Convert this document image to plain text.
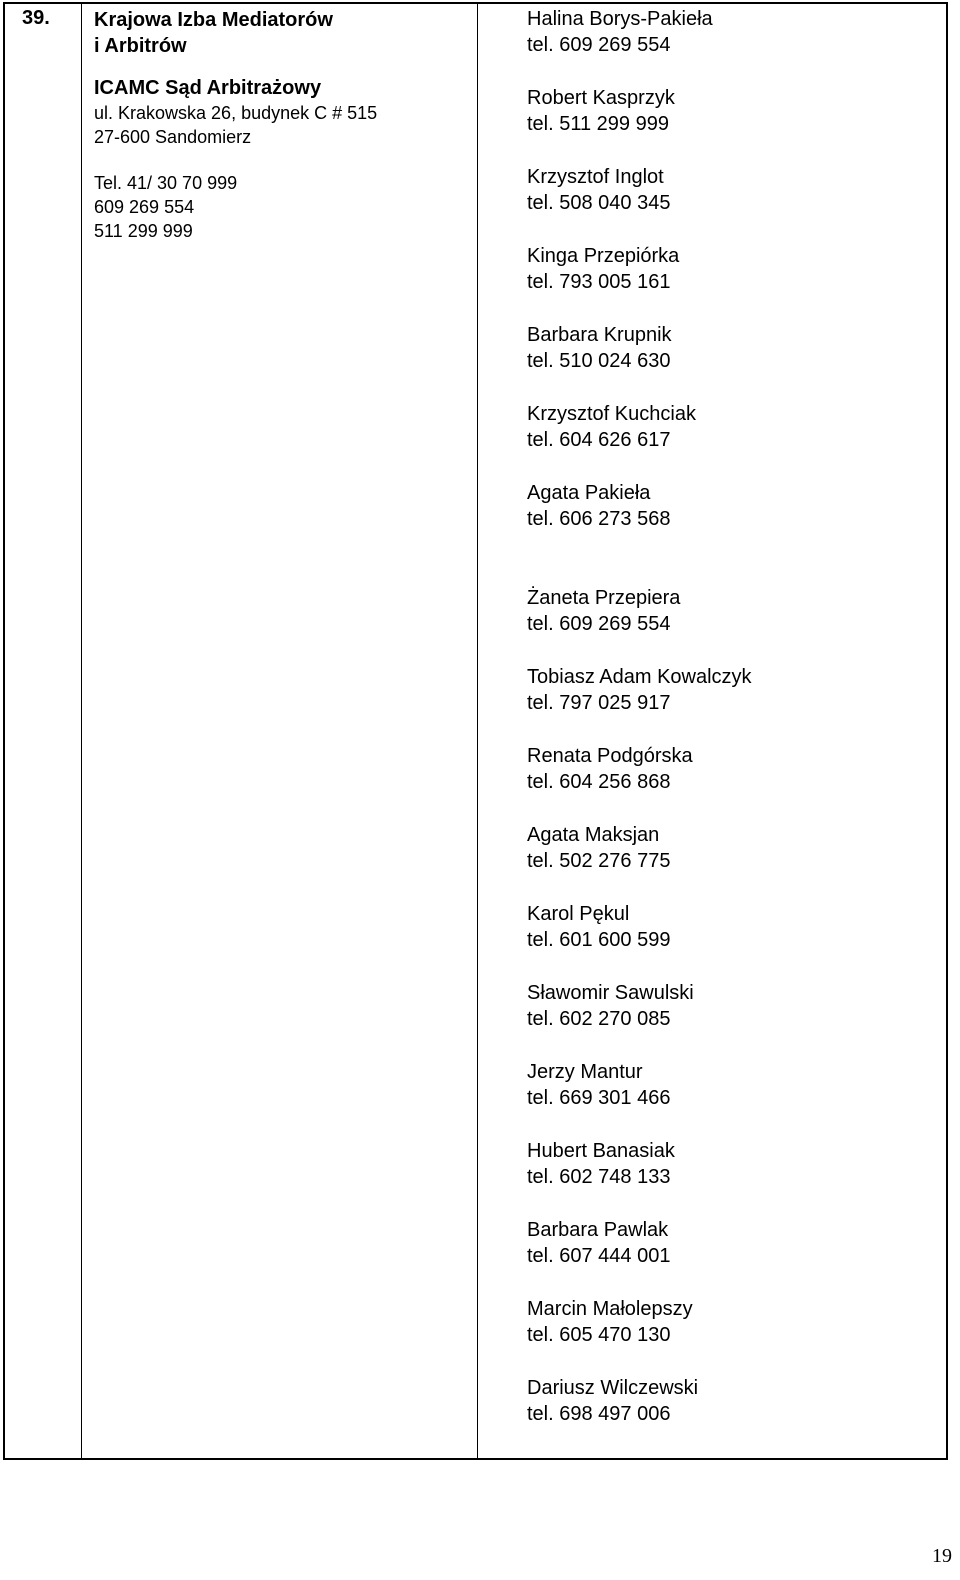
39.	Krajowa Izba Mediatorów
i Arbitrów
ICAMC Sąd Arbitrażowy
ul. Krakowska 26, budynek C # 515
27-600 Sandomierz
Tel. 41/ 30 70 999
609 269 554
511 299 999
Halina Borys-Pakieła
tel. 609 269 554
Robert Kasprzyk
tel. 511 299 999
Krzysztof Inglot
tel. 508 040 345
Kinga Przepiórka
tel. 793 005 161
Barbara Krupnik
tel. 510 024 630
Krzysztof Kuchciak
tel. 604 626 617
Agata Pakieła
tel. 606 273 568
Żaneta Przepiera
tel. 609 269 554
Tobiasz Adam Kowalczyk
tel. 797 025 917
Renata Podgórska
tel. 604 256 868
Agata Maksjan
tel. 502 276 775
Karol Pękul
tel. 601 600 599
Sławomir Sawulski
tel. 602 270 085
Jerzy Mantur
tel. 669 301 466
Hubert Banasiak
tel. 602 748 133
Barbara Pawlak
tel. 607 444 001
Marcin Małolepszy
tel. 605 470 130
Dariusz Wilczewski
tel. 698 497 006
19
